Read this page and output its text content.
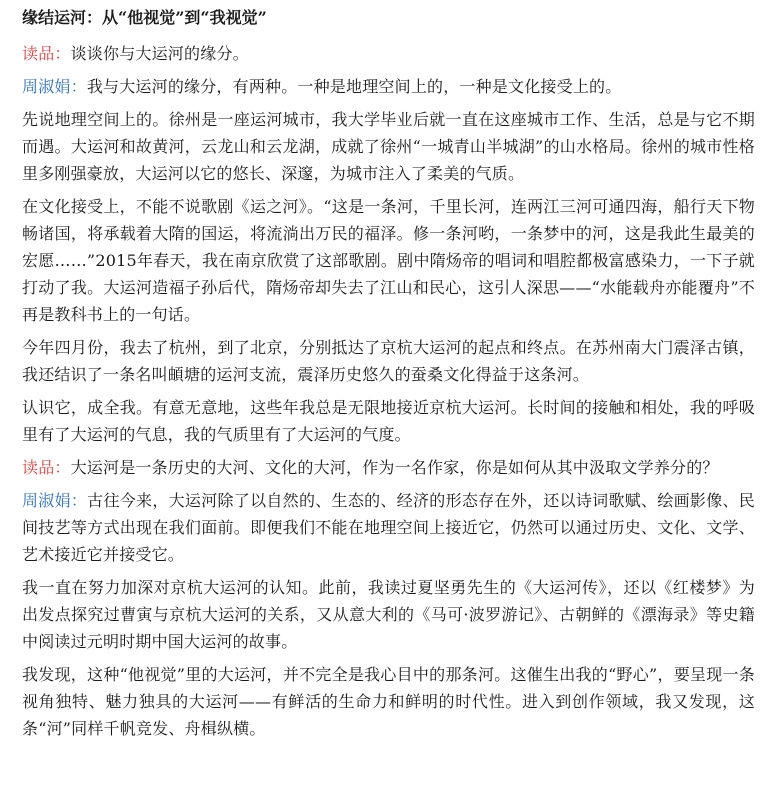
缘结运河：从“他视觉”到“我视觉”

读品：谈谈你与大运河的缘分。

周淑娟：我与大运河的缘分，有两种。一种是地理空间上的，一种是文化接受上的。

先说地理空间上的。徐州是一座运河城市，我大学毕业后就一直在这座城市工作、生活，总是与它不期而遇。大运河和故黄河，云龙山和云龙湖，成就了徐州“一城青山半城湖”的山水格局。徐州的城市性格里多刚强豪放，大运河以它的悠长、深邃，为城市注入了柔美的气质。

在文化接受上，不能不说歌剧《运之河》。“这是一条河，千里长河，连两江三河可通四海，船行天下物畅诸国，将承载着大隋的国运，将流淌出万民的福泽。修一条河哟，一条梦中的河，这是我此生最美的宏愿……”2015年春天，我在南京欣赏了这部歌剧。剧中隋炀帝的唱词和唱腔都极富感染力，一下子就打动了我。大运河造福子孙后代，隋炀帝却失去了江山和民心，这引人深思——“水能载舟亦能覆舟”不再是教科书上的一句话。

今年四月份，我去了杭州，到了北京，分别抵达了京杭大运河的起点和终点。在苏州南大门震泽古镇，我还结识了一条名叫頔塘的运河支流，震泽历史悠久的蚕桑文化得益于这条河。

认识它，成全我。有意无意地，这些年我总是无限地接近京杭大运河。长时间的接触和相处，我的呼吸里有了大运河的气息，我的气质里有了大运河的气度。

读品：大运河是一条历史的大河、文化的大河，作为一名作家，你是如何从其中汲取文学养分的？

周淑娟：古往今来，大运河除了以自然的、生态的、经济的形态存在外，还以诗词歌赋、绘画影像、民间技艺等方式出现在我们面前。即便我们不能在地理空间上接近它，仍然可以通过历史、文化、文学、艺术接近它并接受它。

我一直在努力加深对京杭大运河的认知。此前，我读过夏坚勇先生的《大运河传》，还以《红楼梦》为出发点探究过曹寅与京杭大运河的关系，又从意大利的《马可·波罗游记》、古朝鲜的《漂海录》等史籍中阅读过元明时期中国大运河的故事。

我发现，这种“他视觉”里的大运河，并不完全是我心目中的那条河。这催生出我的“野心”，要呈现一条视角独特、魅力独具的大运河——有鲜活的生命力和鲜明的时代性。进入到创作领域，我又发现，这条“河”同样千帆竞发、舟楫纵横。
